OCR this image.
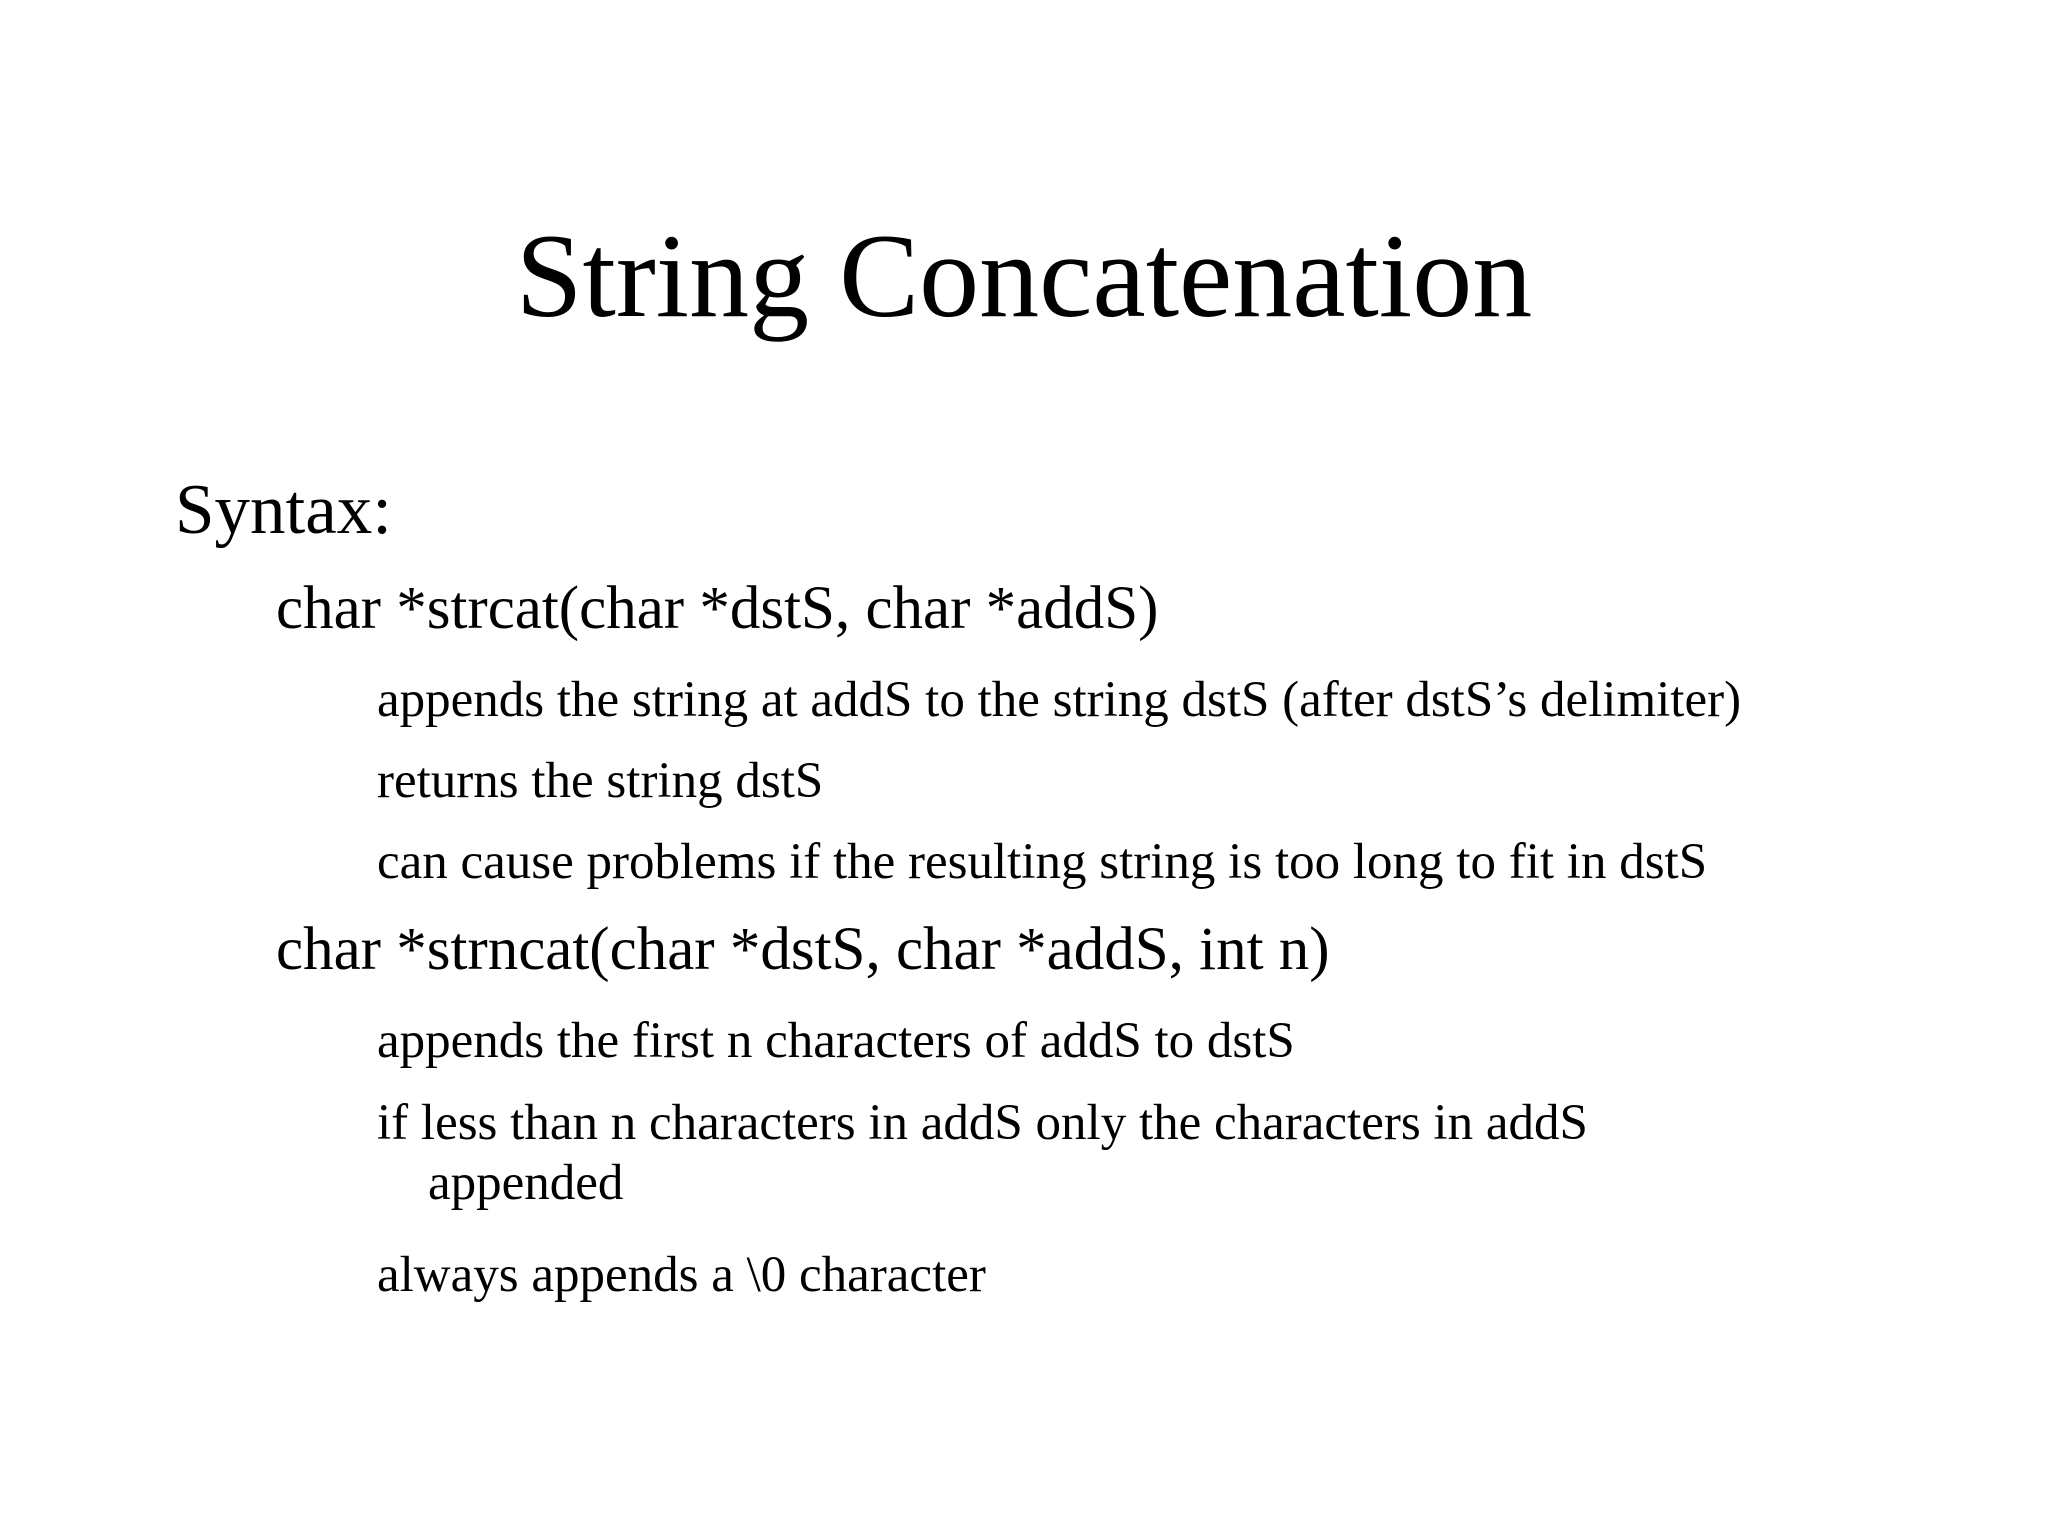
String Concatenation
Syntax:
char *strcat(char *dstS, char *addS)
appends the string at addS to the string dstS (after dstS’s delimiter)
returns the string dstS
can cause problems if the resulting string is too long to fit in dstS
char *strncat(char *dstS, char *addS, int n)
appends the first n characters of addS to dstS
if less than n characters in addS only the characters in addS
appended
always appends a \0 character
